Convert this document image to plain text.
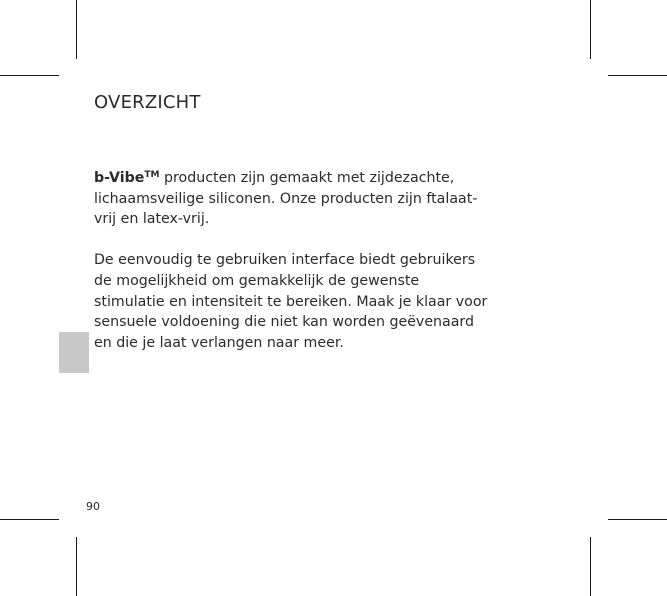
OVERZICHT
b-Vibe™ producten zijn gemaakt met zijdezachte,
lichaamsveilige siliconen. Onze producten zijn ftalaat-
vrij en latex-vrij.
De eenvoudig te gebruiken interface biedt gebruikers
de mogelijkheid om gemakkelijk de gewenste
stimulatie en intensiteit te bereiken. Maak je klaar voor
sensuele voldoening die niet kan worden geëvenaard
en die je laat verlangen naar meer.
90
